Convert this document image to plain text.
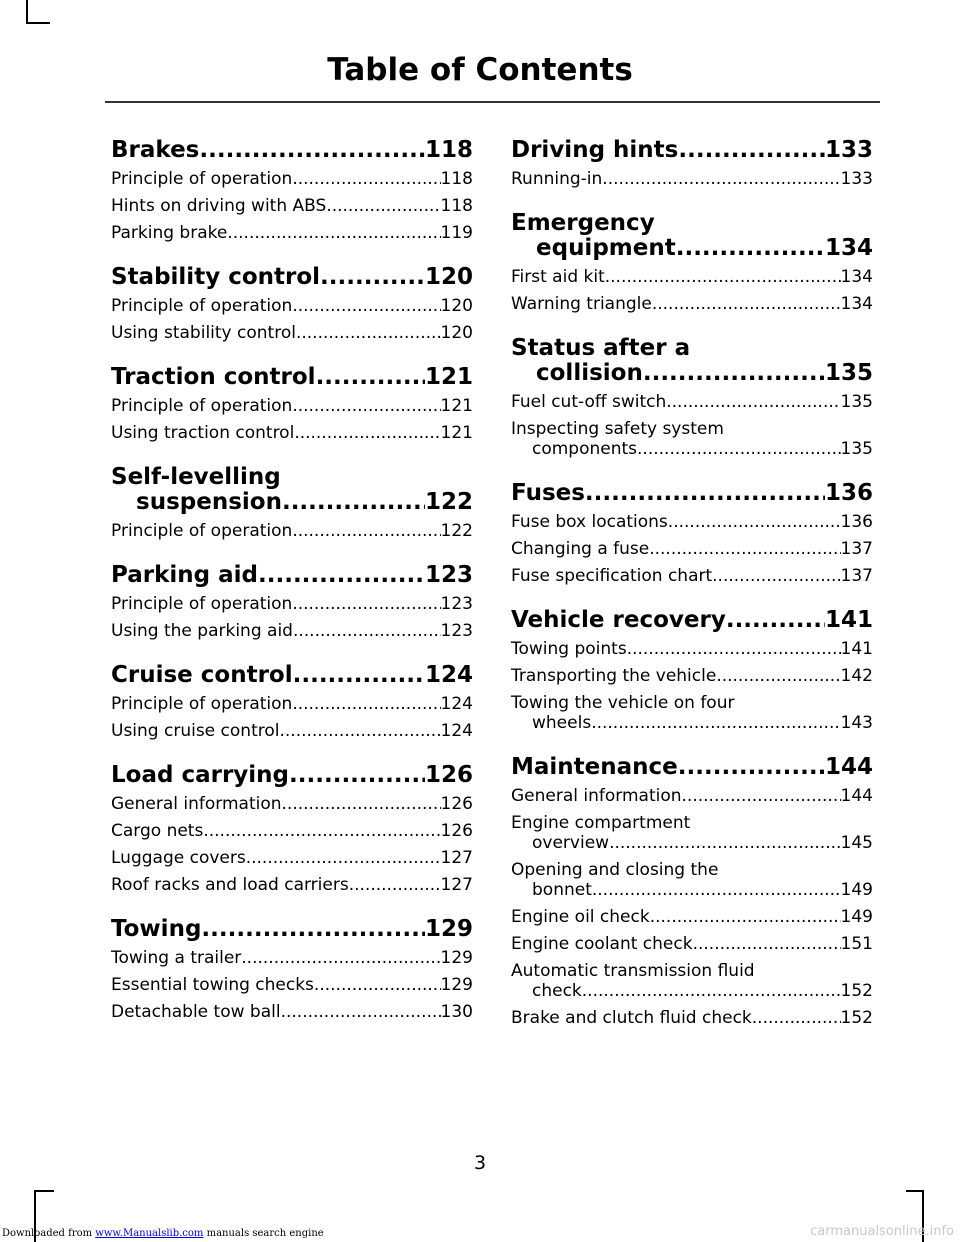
Table of Contents
Brakes .....	118
Principle of operation .....	118
Hints on driving with ABS .....	118
Parking brake .....	119
Stability control .....	120
Principle of operation .....	120
Using stability control .....	120
Traction control .....	121
Principle of operation .....	121
Using traction control .....	121
Self-levelling
suspension .....	122
Principle of operation .....	122
Parking aid .....	123
Principle of operation .....	123
Using the parking aid .....	123
Cruise control .....	124
Principle of operation .....	124
Using cruise control .....	124
Load carrying .....	126
General information .....	126
Cargo nets .....	126
Luggage covers .....	127
Roof racks and load carriers .....	127
Towing .....	129
Towing a trailer .....	129
Essential towing checks .....	129
Detachable tow ball .....	130
Driving hints .....	133
Running-in .....	133
Emergency
equipment .....	134
First aid kit .....	134
Warning triangle .....	134
Status after a
collision .....	135
Fuel cut-off switch .....	135
Inspecting safety system
components .....	135
Fuses .....	136
Fuse box locations .....	136
Changing a fuse .....	137
Fuse specification chart .....	137
Vehicle recovery .....	141
Towing points .....	141
Transporting the vehicle .....	142
Towing the vehicle on four
wheels .....	143
Maintenance .....	144
General information .....	144
Engine compartment
overview .....	145
Opening and closing the
bonnet .....	149
Engine oil check .....	149
Engine coolant check .....	151
Automatic transmission fluid
check .....	152
Brake and clutch fluid check .....	152
3
Downloaded from www.Manualslib.com manuals search engine	carmanualsonline.info
